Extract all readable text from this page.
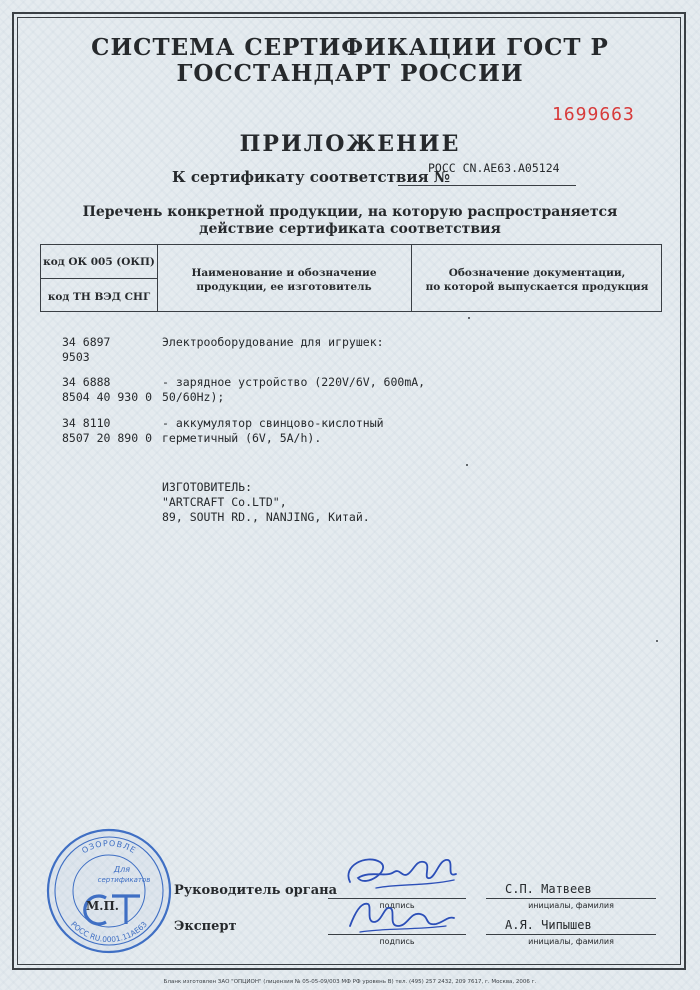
СИСТЕМА СЕРТИФИКАЦИИ ГОСТ Р
ГОССТАНДАРТ РОССИИ
1699663
ПРИЛОЖЕНИЕ
К сертификату соответствия №
РОСС CN.AE63.A05124
Перечень конкретной продукции, на которую распространяется
действие сертификата соответствия
код ОК 005 (ОКП)
код ТН ВЭД СНГ
Наименование и обозначение
продукции, ее изготовитель
Обозначение документации,
по которой выпускается продукция
34 6897
9503
Электрооборудование для игрушек:
34 6888
8504 40 930 0
- зарядное устройство (220V/6V, 600mA,
50/60Hz);
34 8110
8507 20 890 0
- аккумулятор свинцово-кислотный
герметичный (6V, 5A/h).
ИЗГОТОВИТЕЛЬ:
"ARTCRAFT Co.LTD",
89, SOUTH RD., NANJING, Китай.
ОЗОРОВЛЕ
РОСС RU.0001.11АЕ63
Для
сертификатов
М.П.
Руководитель органа
подпись
С.П. Матвеев
инициалы, фамилия
Эксперт
подпись
А.Я. Чипышев
инициалы, фамилия
Бланк изготовлен ЗАО "ОПЦИОН" (лицензия № 05-05-09/003 МФ РФ уровень В) тел. (495) 257 2432, 209 7617, г. Москва, 2006 г.
